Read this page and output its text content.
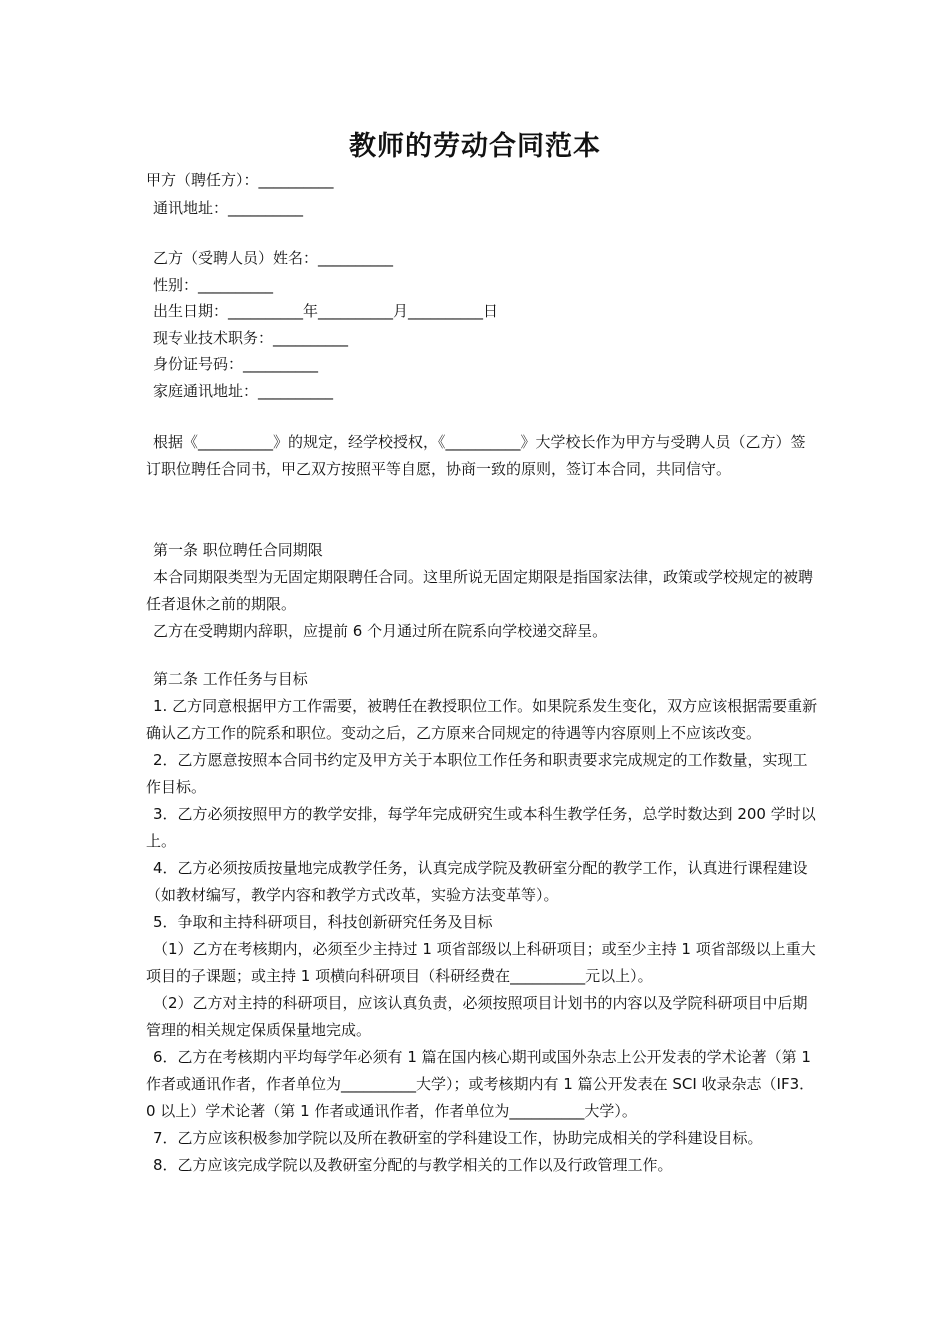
教师的劳动合同范本
甲方（聘任方）：__________
通讯地址：__________
乙方（受聘人员）姓名：__________
性别：__________
出生日期：__________年__________月__________日
现专业技术职务：__________
身份证号码：__________
家庭通讯地址：__________

根据《__________》的规定，经学校授权，《__________》大学校长作为甲方与受聘人员（乙方）签订职位聘任合同书，甲乙双方按照平等自愿，协商一致的原则，签订本合同，共同信守。

第一条 职位聘任合同期限

本合同期限类型为无固定期限聘任合同。这里所说无固定期限是指国家法律，政策或学校规定的被聘任者退休之前的期限。

乙方在受聘期内辞职，应提前 6 个月通过所在院系向学校递交辞呈。

第二条 工作任务与目标

1. 乙方同意根据甲方工作需要，被聘任在教授职位工作。如果院系发生变化，双方应该根据需要重新确认乙方工作的院系和职位。变动之后，乙方原来合同规定的待遇等内容原则上不应该改变。

2．乙方愿意按照本合同书约定及甲方关于本职位工作任务和职责要求完成规定的工作数量，实现工作目标。

3．乙方必须按照甲方的教学安排，每学年完成研究生或本科生教学任务，总学时数达到 200 学时以上。

4．乙方必须按质按量地完成教学任务，认真完成学院及教研室分配的教学工作，认真进行课程建设（如教材编写，教学内容和教学方式改革，实验方法变革等）。

5．争取和主持科研项目，科技创新研究任务及目标

（1）乙方在考核期内，必须至少主持过 1 项省部级以上科研项目；或至少主持 1 项省部级以上重大项目的子课题；或主持 1 项横向科研项目（科研经费在__________元以上）。

（2）乙方对主持的科研项目，应该认真负责，必须按照项目计划书的内容以及学院科研项目中后期管理的相关规定保质保量地完成。

6．乙方在考核期内平均每学年必须有 1 篇在国内核心期刊或国外杂志上公开发表的学术论著（第 1 作者或通讯作者，作者单位为__________大学）；或考核期内有 1 篇公开发表在 SCI 收录杂志（IF3．0 以上）学术论著（第 1 作者或通讯作者，作者单位为__________大学）。

7．乙方应该积极参加学院以及所在教研室的学科建设工作，协助完成相关的学科建设目标。

8．乙方应该完成学院以及教研室分配的与教学相关的工作以及行政管理工作。
